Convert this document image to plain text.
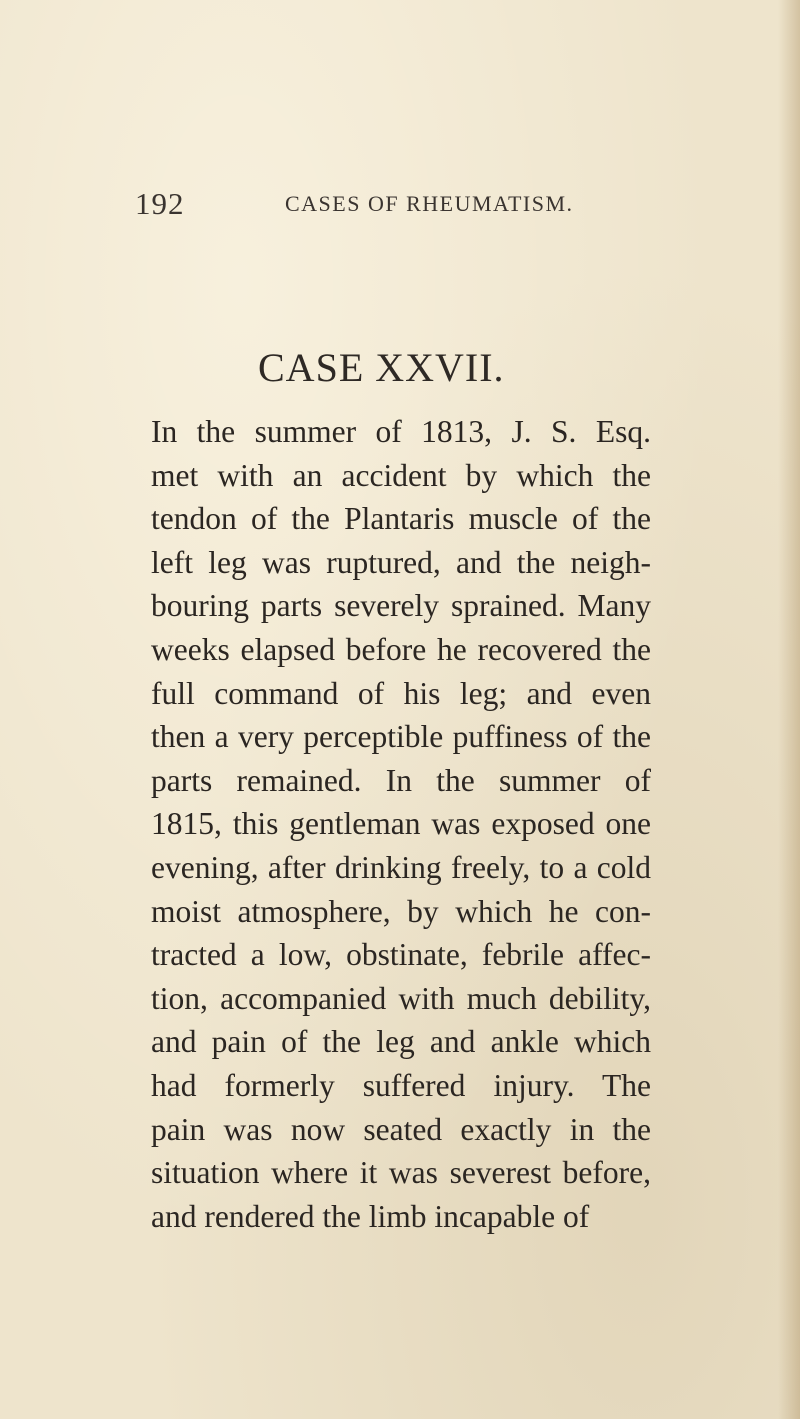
192	CASES OF RHEUMATISM.
CASE XXVII.
In the summer of 1813, J. S. Esq.
met with an accident by which the
tendon of the Plantaris muscle of the
left leg was ruptured, and the neigh-
bouring parts severely sprained. Many
weeks elapsed before he recovered the
full command of his leg; and even
then a very perceptible puffiness of the
parts remained. In the summer of
1815, this gentleman was exposed one
evening, after drinking freely, to a cold
moist atmosphere, by which he con-
tracted a low, obstinate, febrile affec-
tion, accompanied with much debility,
and pain of the leg and ankle which
had formerly suffered injury. The
pain was now seated exactly in the
situation where it was severest before,
and rendered the limb incapable of
